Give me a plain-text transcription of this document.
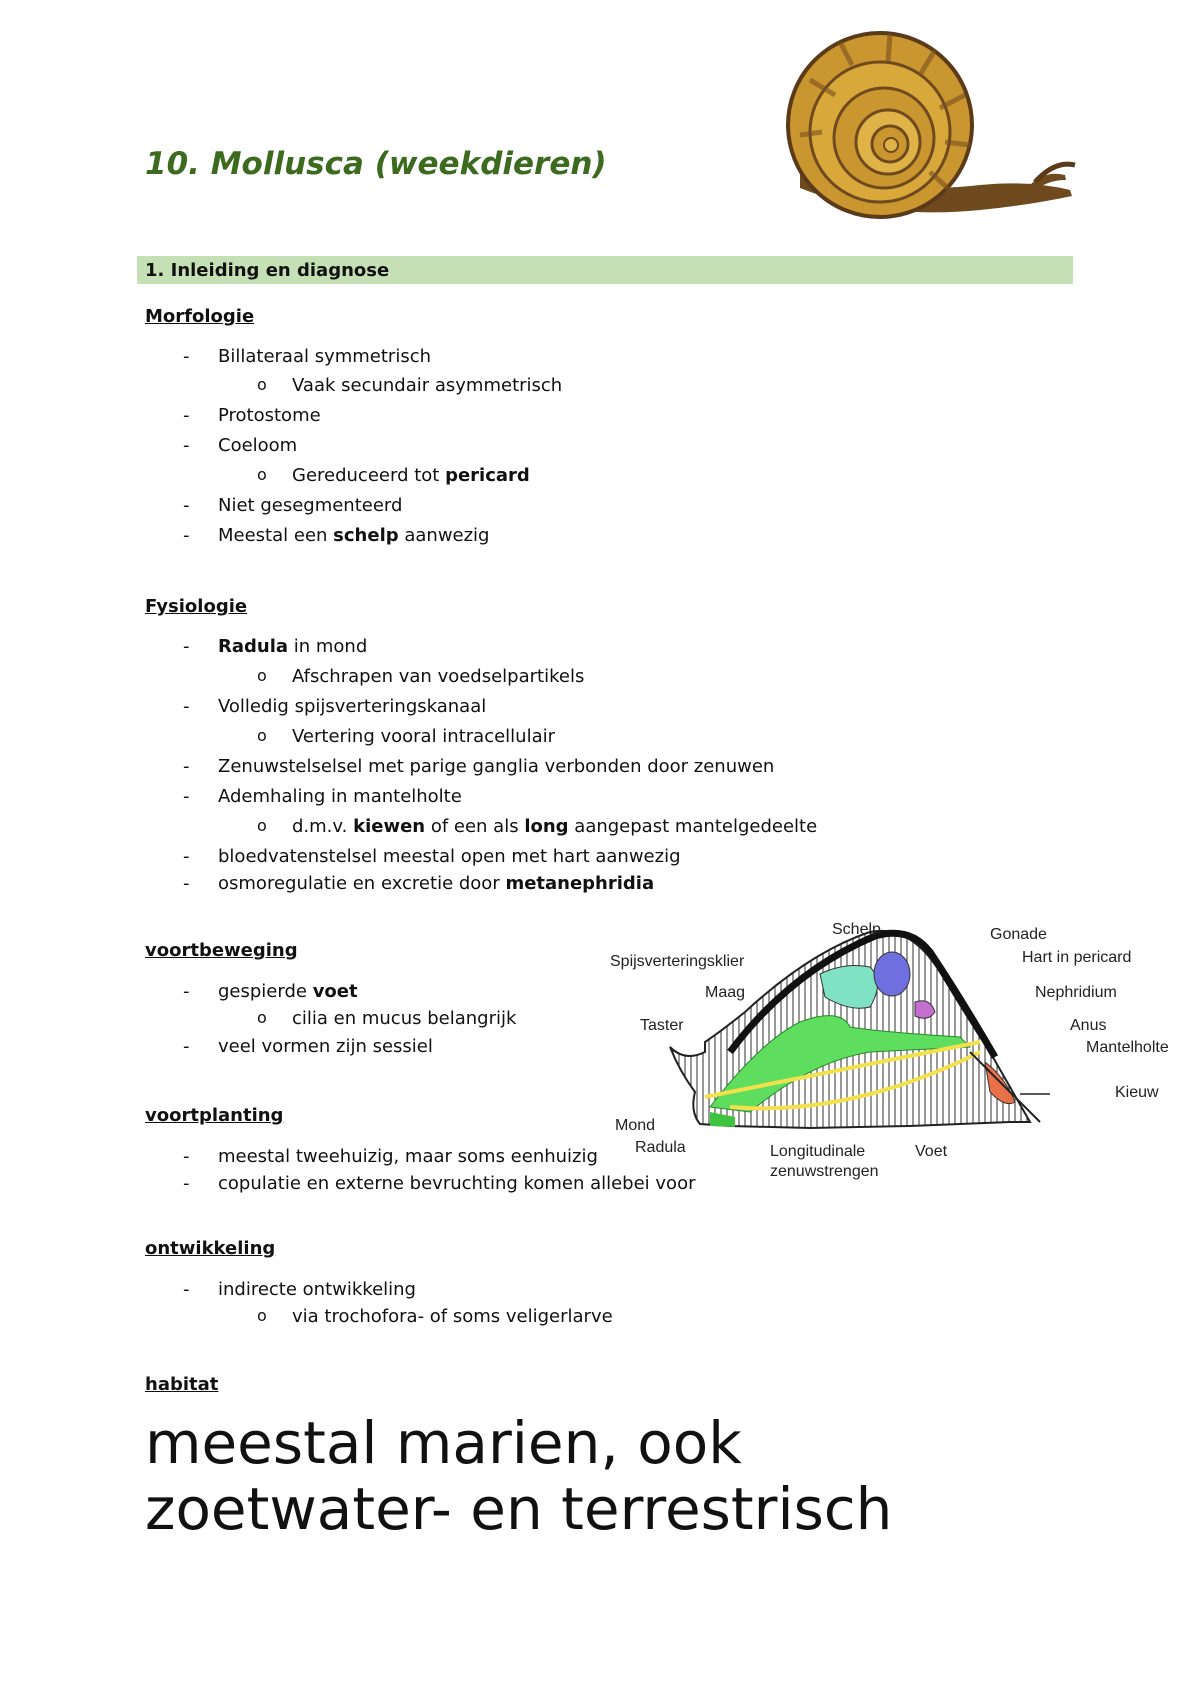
10. Mollusca (weekdieren)
1. Inleiding en diagnose

Morfologie

- Billateraal symmetrisch
o Vaak secundair asymmetrisch
- Protostome
- Coeloom
o Gereduceerd tot pericard
- Niet gesegmenteerd
- Meestal een schelp aanwezig

Fysiologie

- Radula in mond
o Afschrapen van voedselpartikels
- Volledig spijsverteringskanaal
o Vertering vooral intracellulair
- Zenuwstelselsel met parige ganglia verbonden door zenuwen
- Ademhaling in mantelholte
o d.m.v. kiewen of een als long aangepast mantelgedeelte
- bloedvatenstelsel meestal open met hart aanwezig
- osmoregulatie en excretie door metanephridia

voortbeweging

- gespierde voet
o cilia en mucus belangrijk
- veel vormen zijn sessiel

voortplanting

- meestal tweehuizig, maar soms eenhuizig
- copulatie en externe bevruchting komen allebei voor

ontwikkeling

- indirecte ontwikkeling
o via trochofora- of soms veligerlarve

habitat

meestal marien, ook
zoetwater- en terrestrisch

Schelp	Gonade
Hart in pericard
Spijsverteringsklier
Maag	Nephridium
Taster	Anus
Mantelholte
Kieuw
Mond
Radula	Longitudinale
zenuwstrengen
Voet
